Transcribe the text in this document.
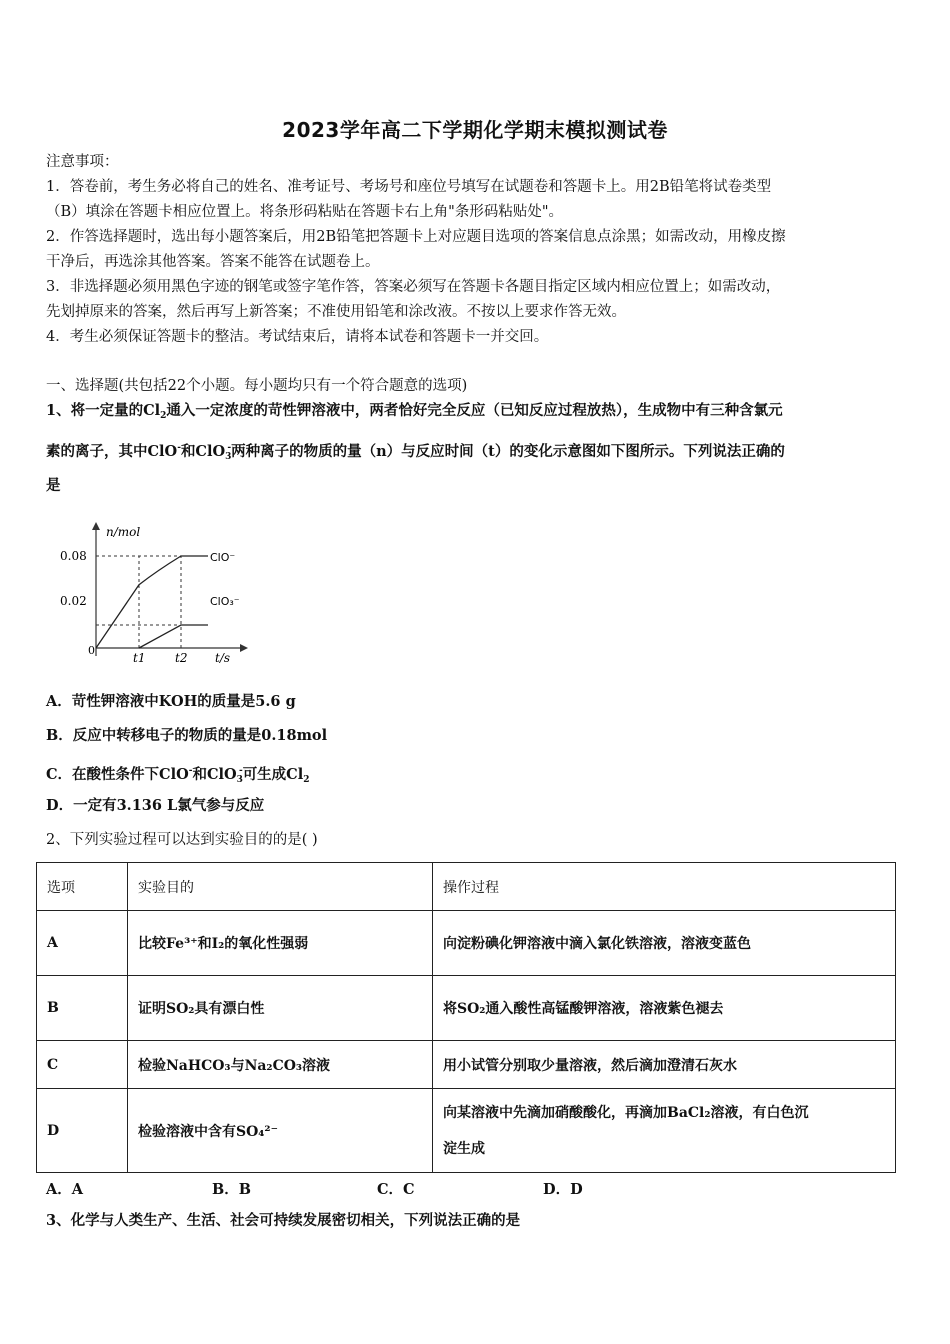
2023学年高二下学期化学期末模拟测试卷
注意事项：
1．答卷前，考生务必将自己的姓名、准考证号、考场号和座位号填写在试题卷和答题卡上。用2B铅笔将试卷类型
（B）填涂在答题卡相应位置上。将条形码粘贴在答题卡右上角"条形码粘贴处"。
2．作答选择题时，选出每小题答案后，用2B铅笔把答题卡上对应题目选项的答案信息点涂黑；如需改动，用橡皮擦
干净后，再选涂其他答案。答案不能答在试题卷上。
3．非选择题必须用黑色字迹的钢笔或签字笔作答，答案必须写在答题卡各题目指定区域内相应位置上；如需改动，
先划掉原来的答案，然后再写上新答案；不准使用铅笔和涂改液。不按以上要求作答无效。
4．考生必须保证答题卡的整洁。考试结束后，请将本试卷和答题卡一并交回。
一、选择题(共包括22个小题。每小题均只有一个符合题意的选项)
1、将一定量的$Cl_2$通入一定浓度的苛性钾溶液中，两者恰好完全反应（已知反应过程放热），生成物中有三种含氯元
素的离子，其中ClO-和ClO$_3$-两种离子的物质的量（n）与反应时间（t）的变化示意图如下图所示。下列说法正确的
是
n/mol
t/s
0.08
0.02
0
t1 t2
ClO⁻
ClO₃⁻
A．苛性钾溶液中KOH的质量是5.6 g
B．反应中转移电子的物质的量是0.18mol
C．在酸性条件下ClO-和ClO$_3$-可生成$Cl_2$
D．一定有3.136 L氯气参与反应
2、下列实验过程可以达到实验目的的是( )
选项	实验目的	操作过程
A	比较Fe³⁺和I₂的氧化性强弱	向淀粉碘化钾溶液中滴入氯化铁溶液，溶液变蓝色
B	证明SO₂具有漂白性	将SO₂通入酸性高锰酸钾溶液，溶液紫色褪去
C	检验NaHCO₃与Na₂CO₃溶液	用小试管分别取少量溶液，然后滴加澄清石灰水
D	检验溶液中含有SO₄²⁻	向某溶液中先滴加硝酸酸化，再滴加BaCl₂溶液，有白色沉
淀生成
A．A	B．B	C．C	D．D
3、化学与人类生产、生活、社会可持续发展密切相关，下列说法正确的是
